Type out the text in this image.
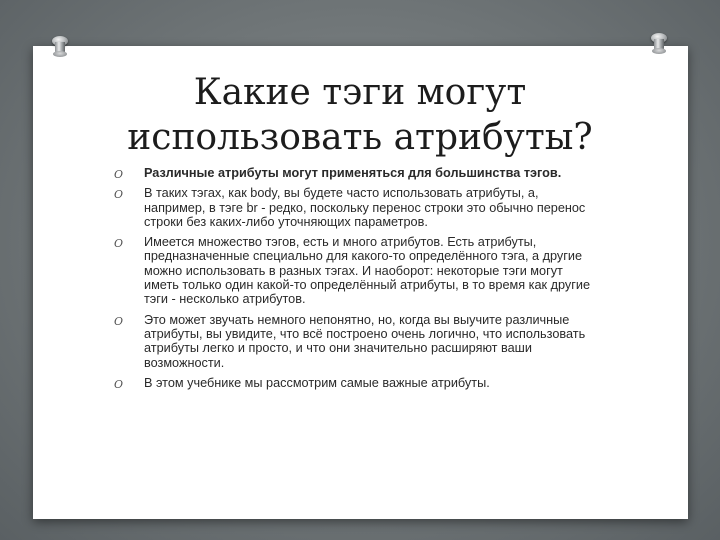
Какие тэги могут
использовать атрибуты?
O Различные атрибуты могут применяться для большинства тэгов.
O В таких тэгах, как body, вы будете часто использовать атрибуты, а, например, в тэге br - редко, поскольку перенос строки это обычно перенос строки без каких-либо уточняющих параметров.
O Имеется множество тэгов, есть и много атрибутов. Есть атрибуты, предназначенные специально для какого-то определённого тэга, а другие можно использовать в разных тэгах. И наоборот: некоторые тэги могут иметь только один какой-то определённый атрибуты, в то время как другие тэги - несколько атрибутов.
O Это может звучать немного непонятно, но, когда вы выучите различные атрибуты, вы увидите, что всё построено очень логично, что использовать атрибуты легко и просто, и что они значительно расширяют ваши возможности.
O В этом учебнике мы рассмотрим самые важные атрибуты.
